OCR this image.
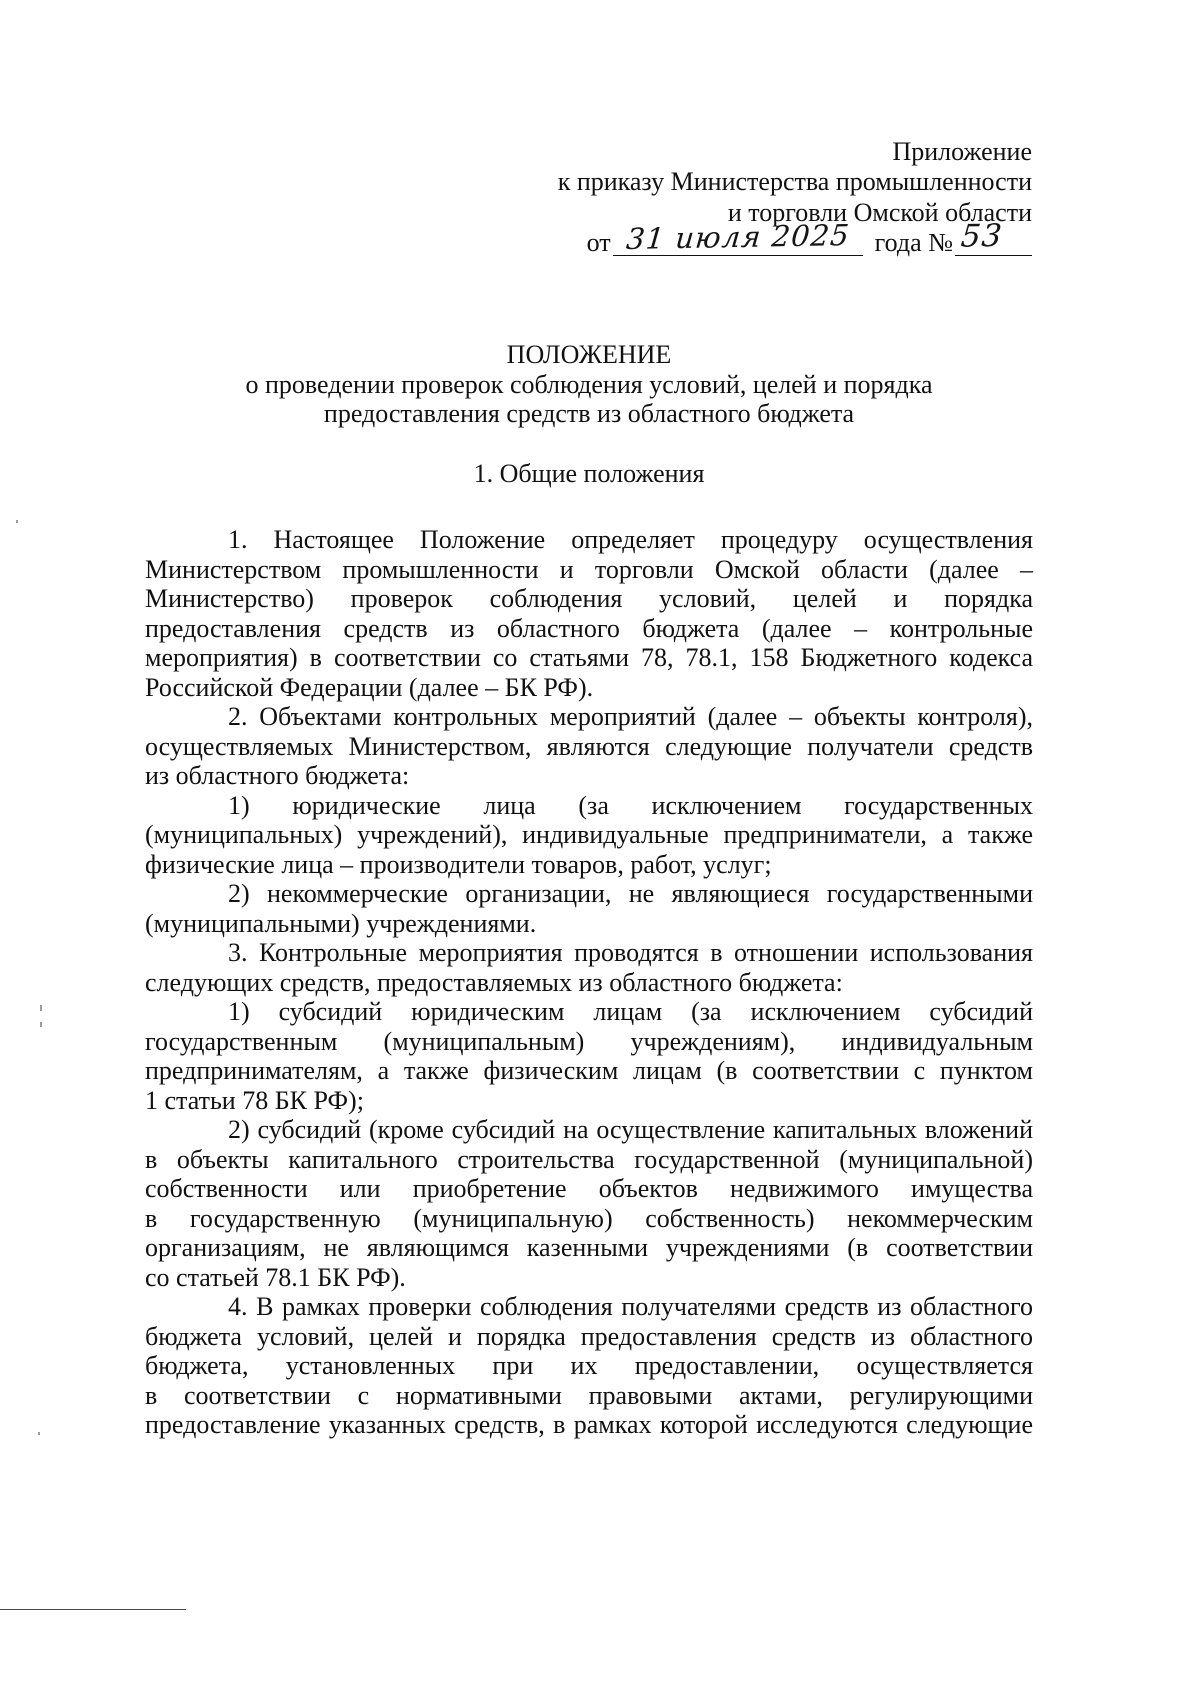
Приложение
к приказу Министерства промышленности
и торговли Омской области
от 31 июля 2025 года № 53
ПОЛОЖЕНИЕ
о проведении проверок соблюдения условий, целей и порядка
предоставления средств из областного бюджета
1. Общие положения
1. Настоящее Положение определяет процедуру осуществления
Министерством промышленности и торговли Омской области (далее –
Министерство) проверок соблюдения условий, целей и порядка
предоставления средств из областного бюджета (далее – контрольные
мероприятия) в соответствии со статьями 78, 78.1, 158 Бюджетного кодекса
Российской Федерации (далее – БК РФ).
2. Объектами контрольных мероприятий (далее – объекты контроля),
осуществляемых Министерством, являются следующие получатели средств
из областного бюджета:
1) юридические лица (за исключением государственных
(муниципальных) учреждений), индивидуальные предприниматели, а также
физические лица – производители товаров, работ, услуг;
2) некоммерческие организации, не являющиеся государственными
(муниципальными) учреждениями.
3. Контрольные мероприятия проводятся в отношении использования
следующих средств, предоставляемых из областного бюджета:
1) субсидий юридическим лицам (за исключением субсидий
государственным (муниципальным) учреждениям), индивидуальным
предпринимателям, а также физическим лицам (в соответствии с пунктом
1 статьи 78 БК РФ);
2) субсидий (кроме субсидий на осуществление капитальных вложений
в объекты капитального строительства государственной (муниципальной)
собственности или приобретение объектов недвижимого имущества
в государственную (муниципальную) собственность) некоммерческим
организациям, не являющимся казенными учреждениями (в соответствии
со статьей 78.1 БК РФ).
4. В рамках проверки соблюдения получателями средств из областного
бюджета условий, целей и порядка предоставления средств из областного
бюджета, установленных при их предоставлении, осуществляется
в соответствии с нормативными правовыми актами, регулирующими
предоставление указанных средств, в рамках которой исследуются следующие
